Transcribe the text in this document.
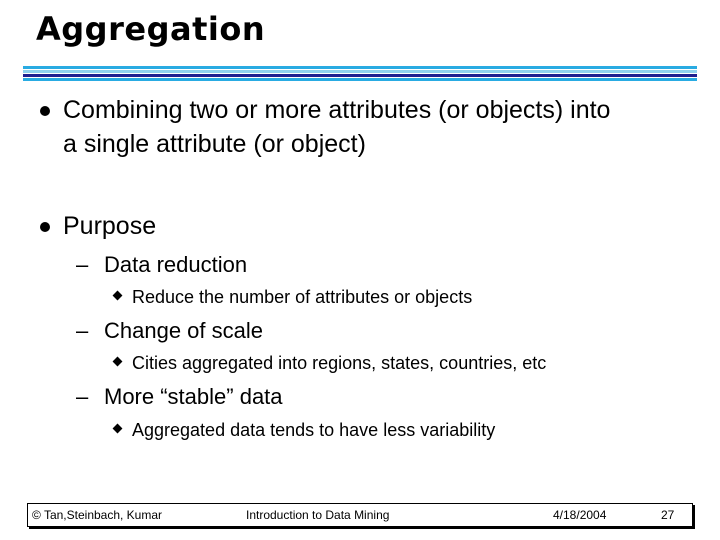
Aggregation
Combining two or more attributes (or objects) into
a single attribute (or object)
Purpose
– Data reduction
Reduce the number of attributes or objects
– Change of scale
Cities aggregated into regions, states, countries, etc
– More “stable” data
Aggregated data tends to have less variability
© Tan,Steinbach, Kumar	Introduction to Data Mining	4/18/2004	27
